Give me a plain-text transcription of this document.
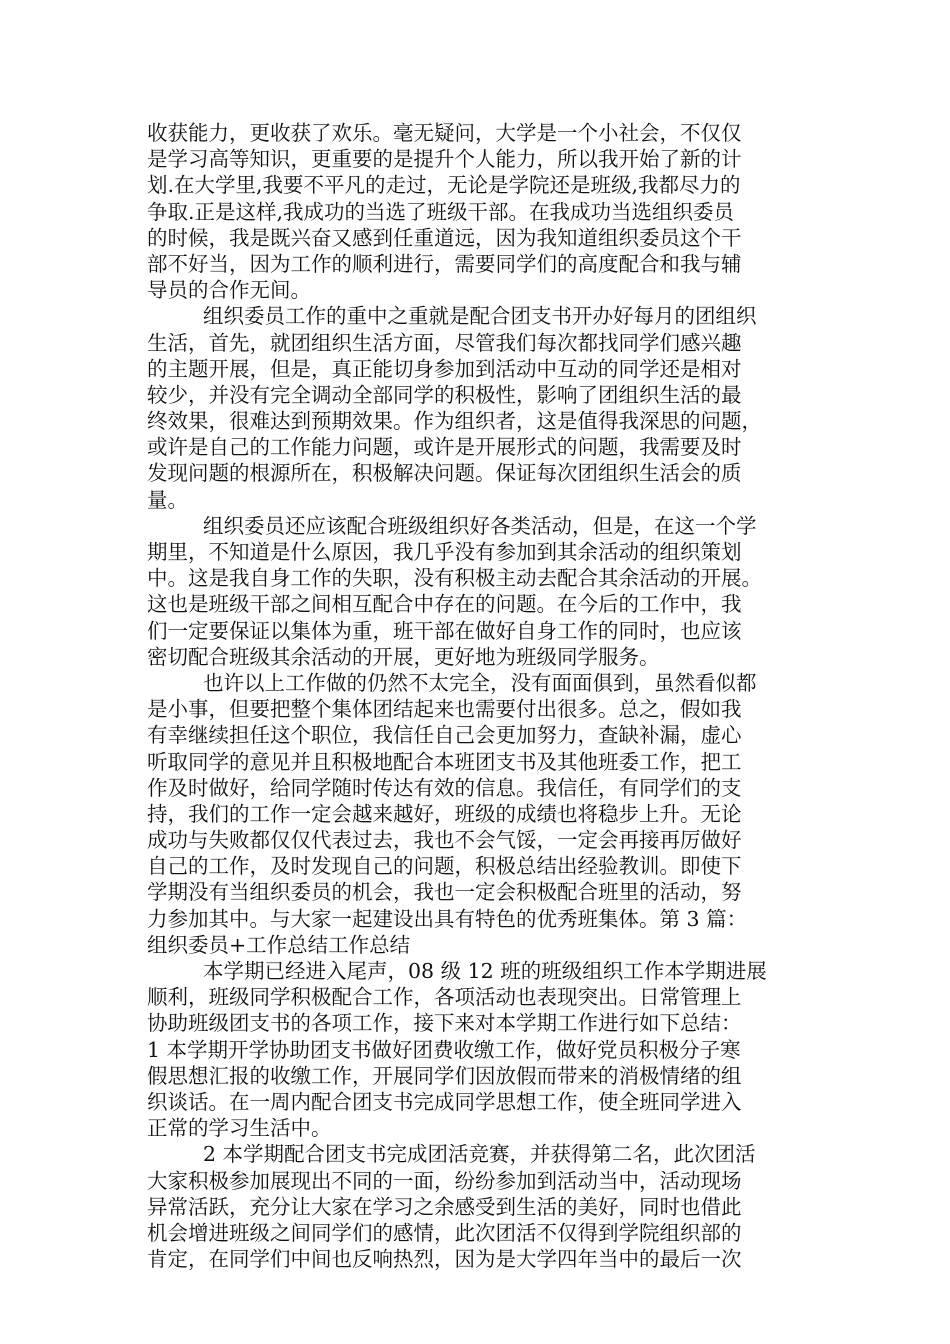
收获能力，更收获了欢乐。毫无疑问，大学是一个小社会，不仅仅
是学习高等知识，更重要的是提升个人能力，所以我开始了新的计
划.在大学里,我要不平凡的走过，无论是学院还是班级,我都尽力的
争取.正是这样,我成功的当选了班级干部。在我成功当选组织委员
的时候，我是既兴奋又感到任重道远，因为我知道组织委员这个干
部不好当，因为工作的顺利进行，需要同学们的高度配合和我与辅
导员的合作无间。
组织委员工作的重中之重就是配合团支书开办好每月的团组织
生活，首先，就团组织生活方面，尽管我们每次都找同学们感兴趣
的主题开展，但是，真正能切身参加到活动中互动的同学还是相对
较少，并没有完全调动全部同学的积极性，影响了团组织生活的最
终效果，很难达到预期效果。作为组织者，这是值得我深思的问题，
或许是自己的工作能力问题，或许是开展形式的问题，我需要及时
发现问题的根源所在，积极解决问题。保证每次团组织生活会的质
量。
组织委员还应该配合班级组织好各类活动，但是，在这一个学
期里，不知道是什么原因，我几乎没有参加到其余活动的组织策划
中。这是我自身工作的失职，没有积极主动去配合其余活动的开展。
这也是班级干部之间相互配合中存在的问题。在今后的工作中，我
们一定要保证以集体为重，班干部在做好自身工作的同时，也应该
密切配合班级其余活动的开展，更好地为班级同学服务。
也许以上工作做的仍然不太完全，没有面面俱到，虽然看似都
是小事，但要把整个集体团结起来也需要付出很多。总之，假如我
有幸继续担任这个职位，我信任自己会更加努力，查缺补漏，虚心
听取同学的意见并且积极地配合本班团支书及其他班委工作，把工
作及时做好，给同学随时传达有效的信息。我信任，有同学们的支
持，我们的工作一定会越来越好，班级的成绩也将稳步上升。无论
成功与失败都仅仅代表过去，我也不会气馁，一定会再接再厉做好
自己的工作，及时发现自己的问题，积极总结出经验教训。即使下
学期没有当组织委员的机会，我也一定会积极配合班里的活动，努
力参加其中。与大家一起建设出具有特色的优秀班集体。第 3 篇：
组织委员+工作总结工作总结
本学期已经进入尾声，08 级 12 班的班级组织工作本学期进展
顺利，班级同学积极配合工作，各项活动也表现突出。日常管理上
协助班级团支书的各项工作，接下来对本学期工作进行如下总结：
1 本学期开学协助团支书做好团费收缴工作，做好党员积极分子寒
假思想汇报的收缴工作，开展同学们因放假而带来的消极情绪的组
织谈话。在一周内配合团支书完成同学思想工作，使全班同学进入
正常的学习生活中。
2 本学期配合团支书完成团活竞赛，并获得第二名，此次团活
大家积极参加展现出不同的一面，纷纷参加到活动当中，活动现场
异常活跃，充分让大家在学习之余感受到生活的美好，同时也借此
机会增进班级之间同学们的感情，此次团活不仅得到学院组织部的
肯定，在同学们中间也反响热烈，因为是大学四年当中的最后一次
